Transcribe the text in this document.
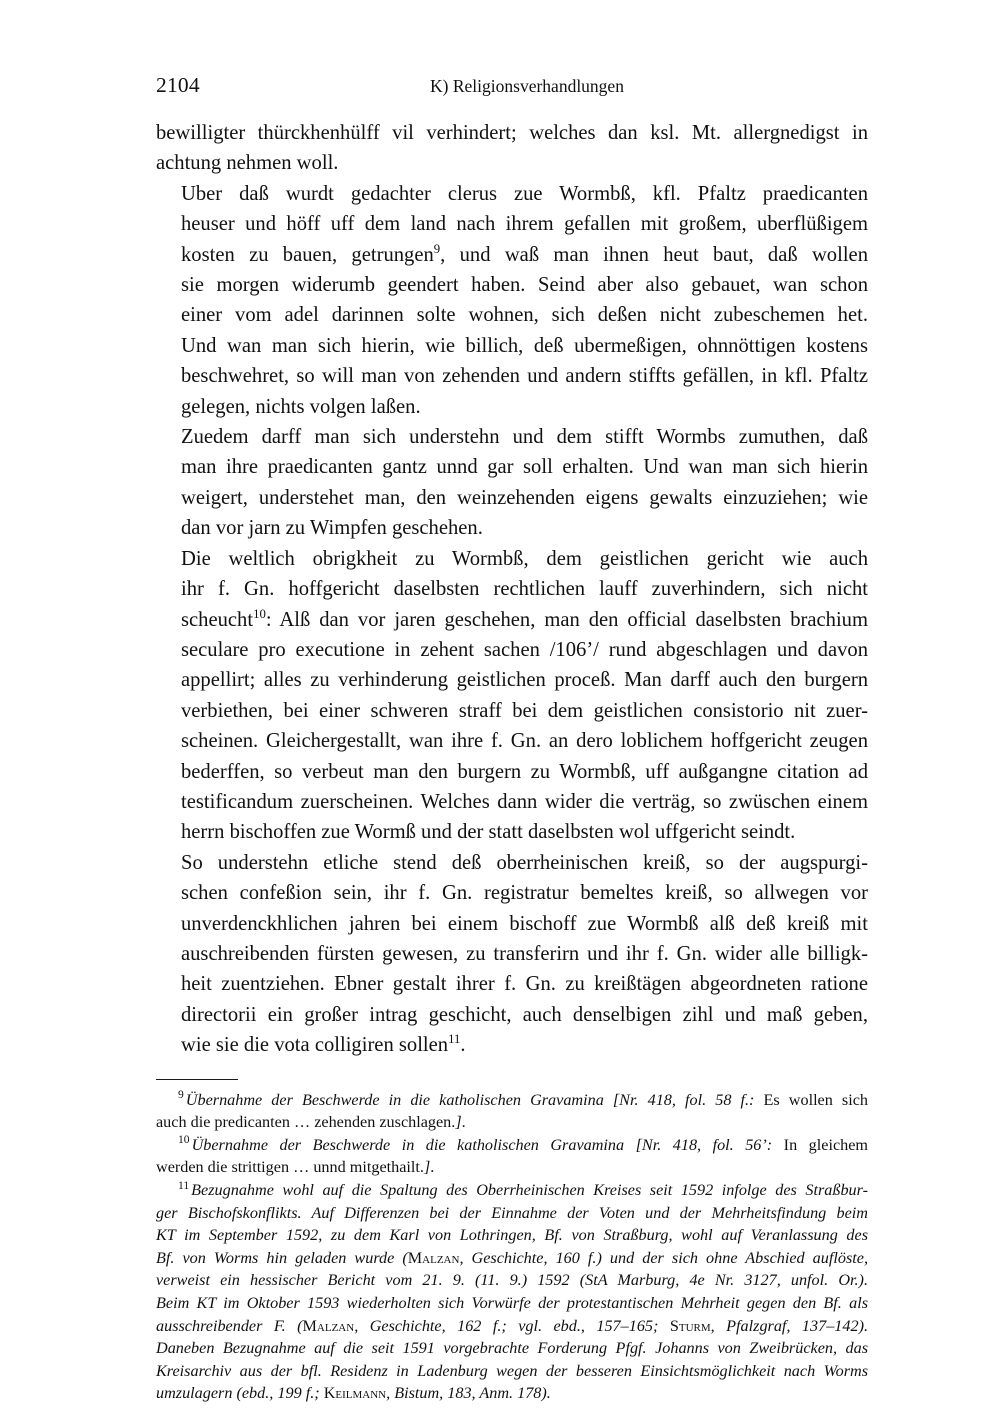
2104	K) Religionsverhandlungen

bewilligter thürckhenhülff vil verhindert; welches dan ksl. Mt. allergnedigst in
achtung nehmen woll.

Uber daß wurdt gedachter clerus zue Wormbß, kfl. Pfaltz praedicanten
heuser und höff uff dem land nach ihrem gefallen mit großem, uberflüßigem
kosten zu bauen, getrungen$^9$, und waß man ihnen heut baut, daß wollen
sie morgen widerumb geendert haben. Seind aber also gebauet, wan schon
einer vom adel darinnen solte wohnen, sich deßen nicht zubeschemen het.
Und wan man sich hierin, wie billich, deß ubermeßigen, ohnnöttigen kostens
beschwehret, so will man von zehenden und andern stiffts gefällen, in kfl. Pfaltz
gelegen, nichts volgen laßen.

Zuedem darff man sich understehn und dem stifft Wormbs zumuthen, daß
man ihre praedicanten gantz unnd gar soll erhalten. Und wan man sich hierin
weigert, understehet man, den weinzehenden eigens gewalts einzuziehen; wie
dan vor jarn zu Wimpfen geschehen.

Die weltlich obrigkheit zu Wormbß, dem geistlichen gericht wie auch
ihr f. Gn. hoffgericht daselbsten rechtlichen lauff zuverhindern, sich nicht
scheucht$^{10}$: Alß dan vor jaren geschehen, man den official daselbsten brachium
seculare pro executione in zehent sachen /106’/ rund abgeschlagen und davon
appellirt; alles zu verhinderung geistlichen proceß. Man darff auch den burgern
verbiethen, bei einer schweren straff bei dem geistlichen consistorio nit zuer-
scheinen. Gleichergestallt, wan ihre f. Gn. an dero loblichem hoffgericht zeugen
bederffen, so verbeut man den burgern zu Wormbß, uff außgangne citation ad
testificandum zuerscheinen. Welches dann wider die verträg, so zwüschen einem
herrn bischoffen zue Wormß und der statt daselbsten wol uffgericht seindt.

So understehn etliche stend deß oberrheinischen kreiß, so der augspurgi-
schen confeßion sein, ihr f. Gn. registratur bemeltes kreiß, so allwegen vor
unverdenckhlichen jahren bei einem bischoff zue Wormbß alß deß kreiß mit
auschreibenden fürsten gewesen, zu transferirn und ihr f. Gn. wider alle billigk-
heit zuentziehen. Ebner gestalt ihrer f. Gn. zu kreißtägen abgeordneten ratione
directorii ein großer intrag geschicht, auch denselbigen zihl und maß geben,
wie sie die vota colligiren sollen$^{11}$.

$^9$ Übernahme der Beschwerde in die katholischen Gravamina [Nr. 418, fol. 58 f.: Es wollen sich
auch die predicanten … zehenden zuschlagen.].

$^{10}$ Übernahme der Beschwerde in die katholischen Gravamina [Nr. 418, fol. 56’: In gleichem
werden die strittigen … unnd mitgethailt.].

$^{11}$ Bezugnahme wohl auf die Spaltung des Oberrheinischen Kreises seit 1592 infolge des Straßbur-
ger Bischofskonflikts. Auf Differenzen bei der Einnahme der Voten und der Mehrheitsfindung beim
KT im September 1592, zu dem Karl von Lothringen, Bf. von Straßburg, wohl auf Veranlassung des
Bf. von Worms hin geladen wurde (Malzan, Geschichte, 160 f.) und der sich ohne Abschied auflöste,
verweist ein hessischer Bericht vom 21. 9. (11. 9.) 1592 (StA Marburg, 4e Nr. 3127, unfol. Or.).
Beim KT im Oktober 1593 wiederholten sich Vorwürfe der protestantischen Mehrheit gegen den Bf. als
ausschreibender F. (Malzan, Geschichte, 162 f.; vgl. ebd., 157–165; Sturm, Pfalzgraf, 137–142).
Daneben Bezugnahme auf die seit 1591 vorgebrachte Forderung Pfgf. Johanns von Zweibrücken, das
Kreisarchiv aus der bfl. Residenz in Ladenburg wegen der besseren Einsichtsmöglichkeit nach Worms
umzulagern (ebd., 199 f.; Keilmann, Bistum, 183, Anm. 178).
